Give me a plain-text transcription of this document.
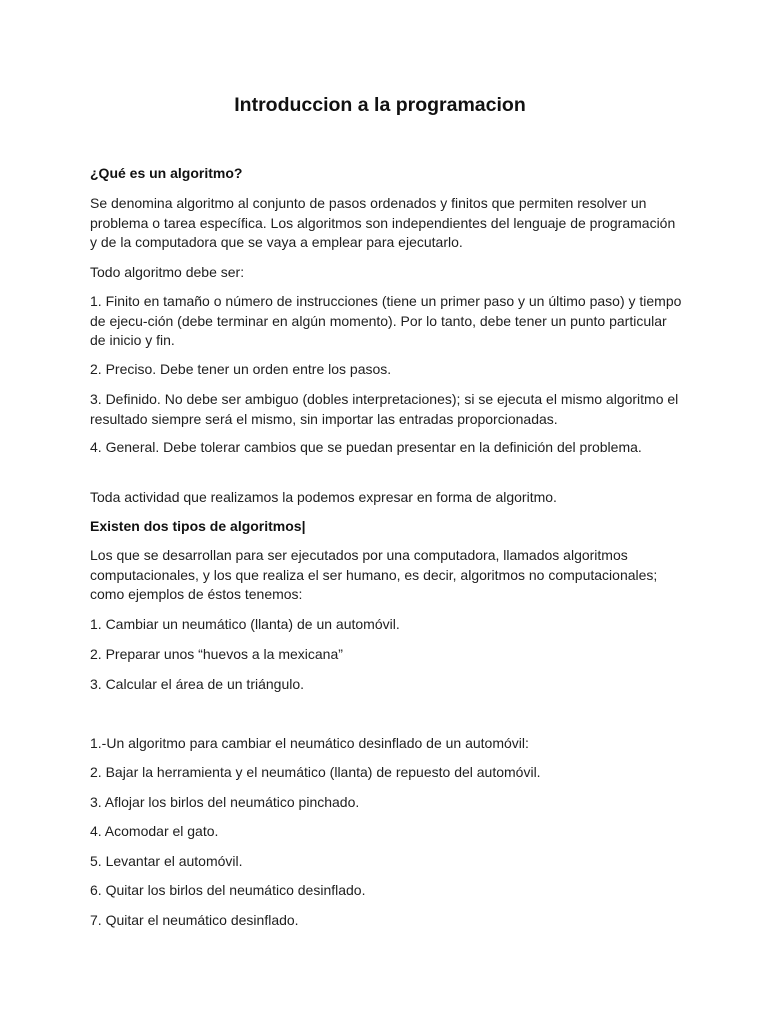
Introduccion a la programacion

¿Qué es un algoritmo?

Se denomina algoritmo al conjunto de pasos ordenados y finitos que permiten resolver un problema o tarea específica. Los algoritmos son independientes del lenguaje de programación y de la computadora que se vaya a emplear para ejecutarlo.

Todo algoritmo debe ser:

1. Finito en tamaño o número de instrucciones (tiene un primer paso y un último paso) y tiempo de ejecu-ción (debe terminar en algún momento). Por lo tanto, debe tener un punto particular de inicio y fin.

2. Preciso. Debe tener un orden entre los pasos.

3. Definido. No debe ser ambiguo (dobles interpretaciones); si se ejecuta el mismo algoritmo el resultado siempre será el mismo, sin importar las entradas proporcionadas.

4. General. Debe tolerar cambios que se puedan presentar en la definición del problema.

Toda actividad que realizamos la podemos expresar en forma de algoritmo.

Existen dos tipos de algoritmos|

Los que se desarrollan para ser ejecutados por una computadora, llamados algoritmos computacionales, y los que realiza el ser humano, es decir, algoritmos no computacionales; como ejemplos de éstos tenemos:

1. Cambiar un neumático (llanta) de un automóvil.

2. Preparar unos “huevos a la mexicana”

3. Calcular el área de un triángulo.

1.-Un algoritmo para cambiar el neumático desinflado de un automóvil:

2. Bajar la herramienta y el neumático (llanta) de repuesto del automóvil.

3. Aflojar los birlos del neumático pinchado.

4. Acomodar el gato.

5. Levantar el automóvil.

6. Quitar los birlos del neumático desinflado.

7. Quitar el neumático desinflado.
